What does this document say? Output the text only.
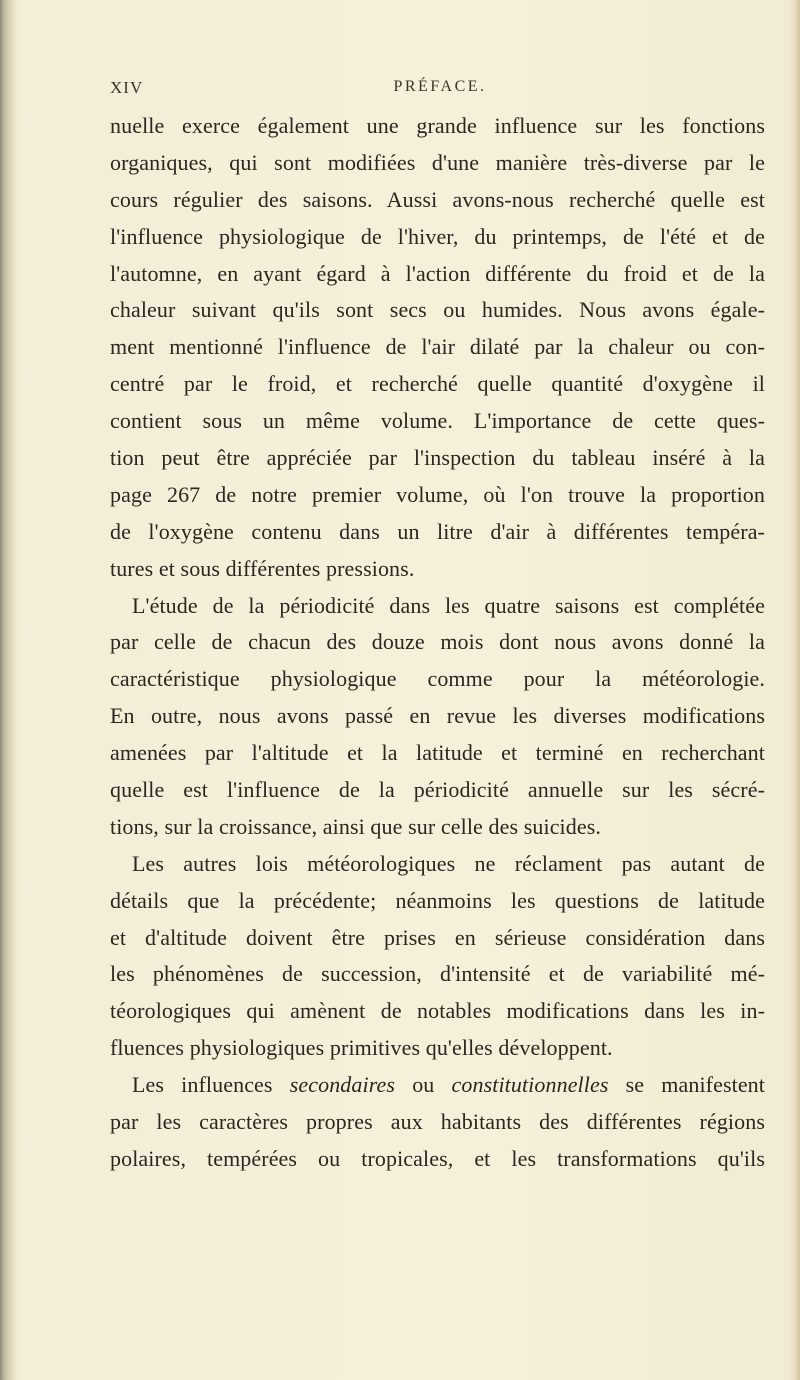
XIV	PRÉFACE.
nuelle exerce également une grande influence sur les fonctions
organiques, qui sont modifiées d'une manière très-diverse par le
cours régulier des saisons. Aussi avons-nous recherché quelle est
l'influence physiologique de l'hiver, du printemps, de l'été et de
l'automne, en ayant égard à l'action différente du froid et de la
chaleur suivant qu'ils sont secs ou humides. Nous avons égale-
ment mentionné l'influence de l'air dilaté par la chaleur ou con-
centré par le froid, et recherché quelle quantité d'oxygène il
contient sous un même volume. L'importance de cette ques-
tion peut être appréciée par l'inspection du tableau inséré à la
page 267 de notre premier volume, où l'on trouve la proportion
de l'oxygène contenu dans un litre d'air à différentes tempéra-
tures et sous différentes pressions.
L'étude de la périodicité dans les quatre saisons est complétée
par celle de chacun des douze mois dont nous avons donné la
caractéristique physiologique comme pour la météorologie.
En outre, nous avons passé en revue les diverses modifications
amenées par l'altitude et la latitude et terminé en recherchant
quelle est l'influence de la périodicité annuelle sur les sécré-
tions, sur la croissance, ainsi que sur celle des suicides.
Les autres lois météorologiques ne réclament pas autant de
détails que la précédente; néanmoins les questions de latitude
et d'altitude doivent être prises en sérieuse considération dans
les phénomènes de succession, d'intensité et de variabilité mé-
téorologiques qui amènent de notables modifications dans les in-
fluences physiologiques primitives qu'elles développent.
Les influences secondaires ou constitutionnelles se manifestent
par les caractères propres aux habitants des différentes régions
polaires, tempérées ou tropicales, et les transformations qu'ils
